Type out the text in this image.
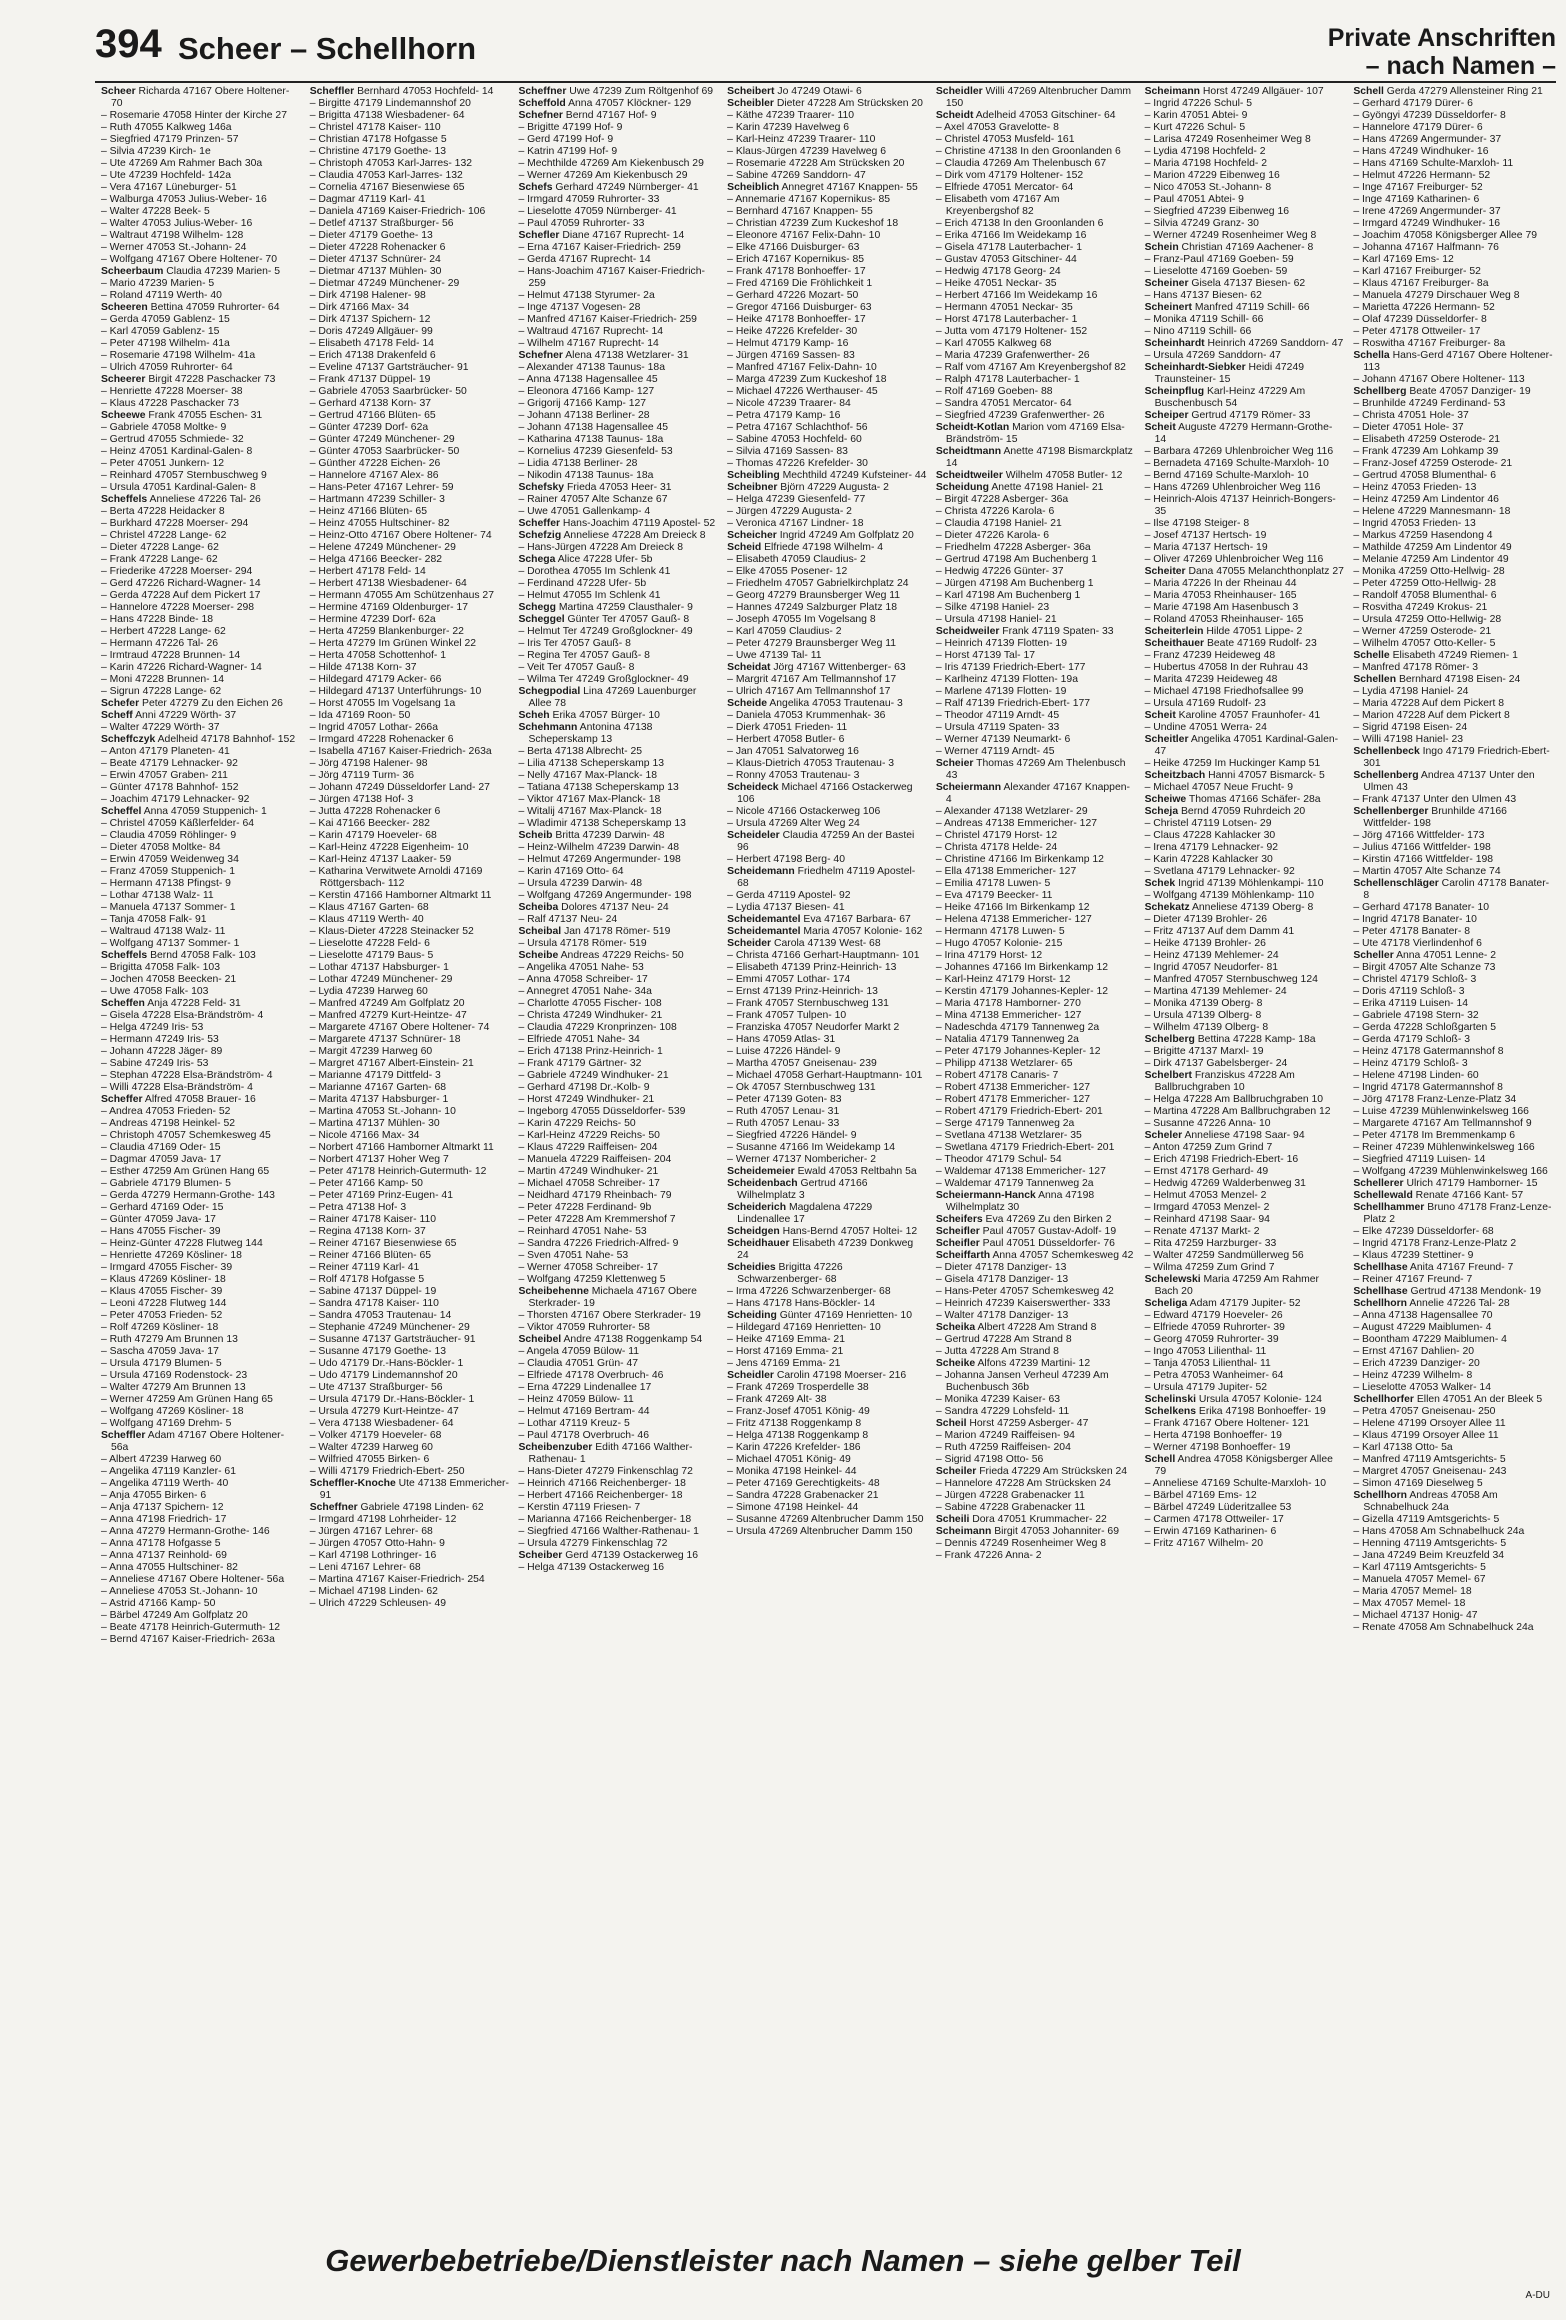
394 Scheer – Schellhorn	Private Anschriften
– nach Namen –
Scheer Richarda 47167 Obere Holtener- 70
– Rosemarie 47058 Hinter der Kirche 27
– Ruth 47055 Kalkweg 146a
– Siegfried 47179 Prinzen- 57
– Silvia 47239 Kirch- 1e
– Ute 47269 Am Rahmer Bach 30a
– Ute 47239 Hochfeld- 142a
– Vera 47167 Lüneburger- 51
– Walburga 47053 Julius-Weber- 16
– Walter 47228 Beek- 5
– Walter 47053 Julius-Weber- 16
– Waltraut 47198 Wilhelm- 128
– Werner 47053 St.-Johann- 24
– Wolfgang 47167 Obere Holtener- 70
Scheerbaum Claudia 47239 Marien- 5
– Mario 47239 Marien- 5
– Roland 47119 Werth- 40
Scheeren Bettina 47059 Ruhrorter- 64
– Gerda 47059 Gablenz- 15
– Karl 47059 Gablenz- 15
– Peter 47198 Wilhelm- 41a
– Rosemarie 47198 Wilhelm- 41a
– Ulrich 47059 Ruhrorter- 64
Scheerer Birgit 47228 Paschacker 73
– Henriette 47228 Moerser- 38
– Klaus 47228 Paschacker 73
Scheewe Frank 47055 Eschen- 31
– Gabriele 47058 Moltke- 9
– Gertrud 47055 Schmiede- 32
– Heinz 47051 Kardinal-Galen- 8
– Peter 47051 Junkern- 12
– Reinhard 47057 Sternbuschweg 9
– Ursula 47051 Kardinal-Galen- 8
Scheffels Anneliese 47226 Tal- 26
– Berta 47228 Heidacker 8
– Burkhard 47228 Moerser- 294
– Christel 47228 Lange- 62
– Dieter 47228 Lange- 62
– Frank 47228 Lange- 62
– Friederike 47228 Moerser- 294
– Gerd 47226 Richard-Wagner- 14
– Gerda 47228 Auf dem Pickert 17
– Hannelore 47228 Moerser- 298
– Hans 47228 Binde- 18
– Herbert 47228 Lange- 62
– Hermann 47226 Tal- 26
– Irmtraud 47228 Brunnen- 14
– Karin 47226 Richard-Wagner- 14
– Moni 47228 Brunnen- 14
– Sigrun 47228 Lange- 62
Schefer Peter 47279 Zu den Eichen 26
Scheff Anni 47229 Wörth- 37
– Walter 47229 Wörth- 37
Scheffczyk Adelheid 47178 Bahnhof- 152
– Anton 47179 Planeten- 41
– Beate 47179 Lehnacker- 92
– Erwin 47057 Graben- 211
– Günter 47178 Bahnhof- 152
– Joachim 47179 Lehnacker- 92
Scheffel Anna 47059 Stuppenich- 1
– Christel 47059 Käßlerfelder- 64
– Claudia 47059 Röhlinger- 9
– Dieter 47058 Moltke- 84
– Erwin 47059 Weidenweg 34
– Franz 47059 Stuppenich- 1
– Hermann 47138 Pfingst- 9
– Lothar 47138 Walz- 11
– Manuela 47137 Sommer- 1
– Tanja 47058 Falk- 91
– Waltraud 47138 Walz- 11
– Wolfgang 47137 Sommer- 1
Scheffels Bernd 47058 Falk- 103
– Brigitta 47058 Falk- 103
– Jochen 47058 Beecken- 21
– Uwe 47058 Falk- 103
Scheffen Anja 47228 Feld- 31
– Gisela 47228 Elsa-Brändström- 4
– Helga 47249 Iris- 53
– Hermann 47249 Iris- 53
– Johann 47228 Jäger- 89
– Sabine 47249 Iris- 53
– Stephan 47228 Elsa-Brändström- 4
– Willi 47228 Elsa-Brändström- 4
Scheffer Alfred 47058 Brauer- 16
– Andrea 47053 Frieden- 52
– Andreas 47198 Heinkel- 52
– Christoph 47057 Schemkesweg 45
– Claudia 47169 Oder- 15
– Dagmar 47059 Java- 17
– Esther 47259 Am Grünen Hang 65
– Gabriele 47179 Blumen- 5
– Gerda 47279 Hermann-Grothe- 143
– Gerhard 47169 Oder- 15
– Günter 47059 Java- 17
– Hans 47055 Fischer- 39
– Heinz-Günter 47228 Flutweg 144
– Henriette 47269 Kösliner- 18
– Irmgard 47055 Fischer- 39
– Klaus 47269 Kösliner- 18
– Klaus 47055 Fischer- 39
– Leoni 47228 Flutweg 144
– Peter 47053 Frieden- 52
– Rolf 47269 Kösliner- 18
– Ruth 47279 Am Brunnen 13
– Sascha 47059 Java- 17
– Ursula 47179 Blumen- 5
– Ursula 47169 Rodenstock- 23
– Walter 47279 Am Brunnen 13
– Werner 47259 Am Grünen Hang 65
– Wolfgang 47269 Kösliner- 18
– Wolfgang 47169 Drehm- 5
Scheffler Adam 47167 Obere Holtener- 56a
– Albert 47239 Harweg 60
– Angelika 47119 Kanzler- 61
– Angelika 47119 Werth- 40
– Anja 47055 Birken- 6
– Anja 47137 Spichern- 12
– Anna 47198 Friedrich- 17
– Anna 47279 Hermann-Grothe- 146
– Anna 47178 Hofgasse 5
– Anna 47137 Reinhold- 69
– Anna 47055 Hultschiner- 82
– Anneliese 47167 Obere Holtener- 56a
– Anneliese 47053 St.-Johann- 10
– Astrid 47166 Kamp- 50
– Bärbel 47249 Am Golfplatz 20
– Beate 47178 Heinrich-Gutermuth- 12
– Bernd 47167 Kaiser-Friedrich- 263a
Scheffler Bernhard 47053 Hochfeld- 14
– Birgitte 47179 Lindemannshof 20
– Brigitta 47138 Wiesbadener- 64
– Christel 47178 Kaiser- 110
– Christian 47178 Hofgasse 5
– Christine 47179 Goethe- 13
– Christoph 47053 Karl-Jarres- 132
– Claudia 47053 Karl-Jarres- 132
– Cornelia 47167 Biesenwiese 65
– Dagmar 47119 Karl- 41
– Daniela 47169 Kaiser-Friedrich- 106
– Detlef 47137 Straßburger- 56
– Dieter 47179 Goethe- 13
– Dieter 47228 Rohenacker 6
– Dieter 47137 Schnürer- 24
– Dietmar 47137 Mühlen- 30
– Dietmar 47249 Münchener- 29
– Dirk 47198 Halener- 98
– Dirk 47166 Max- 34
– Dirk 47137 Spichern- 12
– Doris 47249 Allgäuer- 99
– Elisabeth 47178 Feld- 14
– Erich 47138 Drakenfeld 6
– Eveline 47137 Gartsträucher- 91
– Frank 47137 Düppel- 19
– Gabriele 47053 Saarbrücker- 50
– Gerhard 47138 Korn- 37
– Gertrud 47166 Blüten- 65
– Günter 47239 Dorf- 62a
– Günter 47249 Münchener- 29
– Günter 47053 Saarbrücker- 50
– Günther 47228 Eichen- 26
– Hannelore 47167 Alex- 86
– Hans-Peter 47167 Lehrer- 59
– Hartmann 47239 Schiller- 3
– Heinz 47166 Blüten- 65
– Heinz 47055 Hultschiner- 82
– Heinz-Otto 47167 Obere Holtener- 74
– Helene 47249 Münchener- 29
– Helga 47166 Beecker- 282
– Herbert 47178 Feld- 14
– Herbert 47138 Wiesbadener- 64
– Hermann 47055 Am Schützenhaus 27
– Hermine 47169 Oldenburger- 17
– Hermine 47239 Dorf- 62a
– Herta 47259 Blankenburger- 22
– Herta 47279 Im Grünen Winkel 22
– Herta 47058 Schottenhof- 1
– Hilde 47138 Korn- 37
– Hildegard 47179 Acker- 66
– Hildegard 47137 Unterführungs- 10
– Horst 47055 Im Vogelsang 1a
– Ida 47169 Roon- 50
– Ingrid 47057 Lothar- 266a
– Irmgard 47228 Rohenacker 6
– Isabella 47167 Kaiser-Friedrich- 263a
– Jörg 47198 Halener- 98
– Jörg 47119 Turm- 36
– Johann 47249 Düsseldorfer Land- 27
– Jürgen 47138 Hof- 3
– Jutta 47228 Rohenacker 6
– Kai 47166 Beecker- 282
– Karin 47179 Hoeveler- 68
– Karl-Heinz 47228 Eigenheim- 10
– Karl-Heinz 47137 Laaker- 59
– Katharina Verwitwete Arnoldi 47169 Röttgersbach- 112
– Kerstin 47166 Hamborner Altmarkt 11
– Klaus 47167 Garten- 68
– Klaus 47119 Werth- 40
– Klaus-Dieter 47228 Steinacker 52
– Lieselotte 47228 Feld- 6
– Lieselotte 47179 Baus- 5
– Lothar 47137 Habsburger- 1
– Lothar 47249 Münchener- 29
– Lydia 47239 Harweg 60
– Manfred 47249 Am Golfplatz 20
– Manfred 47279 Kurt-Heintze- 47
– Margarete 47167 Obere Holtener- 74
– Margarete 47137 Schnürer- 18
– Margit 47239 Harweg 60
– Margret 47167 Albert-Einstein- 21
– Marianne 47179 Dittfeld- 3
– Marianne 47167 Garten- 68
– Marita 47137 Habsburger- 1
– Martina 47053 St.-Johann- 10
– Martina 47137 Mühlen- 30
– Nicole 47166 Max- 34
– Norbert 47166 Hamborner Altmarkt 11
– Norbert 47137 Hoher Weg 7
– Peter 47178 Heinrich-Gutermuth- 12
– Peter 47166 Kamp- 50
– Peter 47169 Prinz-Eugen- 41
– Petra 47138 Hof- 3
– Rainer 47178 Kaiser- 110
– Regina 47138 Korn- 37
– Reiner 47167 Biesenwiese 65
– Reiner 47166 Blüten- 65
– Reiner 47119 Karl- 41
– Rolf 47178 Hofgasse 5
– Sabine 47137 Düppel- 19
– Sandra 47178 Kaiser- 110
– Sandra 47053 Trautenau- 14
– Stephanie 47249 Münchener- 29
– Susanne 47137 Gartsträucher- 91
– Susanne 47179 Goethe- 13
– Udo 47179 Dr.-Hans-Böckler- 1
– Udo 47179 Lindemannshof 20
– Ute 47137 Straßburger- 56
– Ursula 47179 Dr.-Hans-Böckler- 1
– Ursula 47279 Kurt-Heintze- 47
– Vera 47138 Wiesbadener- 64
– Volker 47179 Hoeveler- 68
– Walter 47239 Harweg 60
– Wilfried 47055 Birken- 6
– Willi 47179 Friedrich-Ebert- 250
Scheffler-Knoche Ute 47138 Emmericher- 91
Scheffner Gabriele 47198 Linden- 62
– Irmgard 47198 Lohrheider- 12
– Jürgen 47167 Lehrer- 68
– Jürgen 47057 Otto-Hahn- 9
– Karl 47198 Lothringer- 16
– Leni 47167 Lehrer- 68
– Martina 47167 Kaiser-Friedrich- 254
– Michael 47198 Linden- 62
– Ulrich 47229 Schleusen- 49
Scheffner Uwe 47239 Zum Röltgenhof 69
Scheffold Anna 47057 Klöckner- 129
Schefner Bernd 47167 Hof- 9
– Brigitte 47199 Hof- 9
– Gerd 47199 Hof- 9
– Katrin 47199 Hof- 9
– Mechthilde 47269 Am Kiekenbusch 29
– Werner 47269 Am Kiekenbusch 29
Schefs Gerhard 47249 Nürnberger- 41
– Irmgard 47059 Ruhrorter- 33
– Lieselotte 47059 Nürnberger- 41
– Paul 47059 Ruhrorter- 33
Schefler Diane 47167 Ruprecht- 14
– Erna 47167 Kaiser-Friedrich- 259
– Gerda 47167 Ruprecht- 14
– Hans-Joachim 47167 Kaiser-Friedrich- 259
– Helmut 47138 Styrumer- 2a
– Inge 47137 Vogesen- 28
– Manfred 47167 Kaiser-Friedrich- 259
– Waltraud 47167 Ruprecht- 14
– Wilhelm 47167 Ruprecht- 14
Schefner Alena 47138 Wetzlarer- 31
– Alexander 47138 Taunus- 18a
– Anna 47138 Hagensallee 45
– Eleonora 47166 Kamp- 127
– Grigorij 47166 Kamp- 127
– Johann 47138 Berliner- 28
– Johann 47138 Hagensallee 45
– Katharina 47138 Taunus- 18a
– Kornelius 47239 Giesenfeld- 53
– Lidia 47138 Berliner- 28
– Nikodin 47138 Taunus- 18a
Schefsky Frieda 47053 Heer- 31
– Rainer 47057 Alte Schanze 67
– Uwe 47051 Gallenkamp- 4
Scheffer Hans-Joachim 47119 Apostel- 52
Schefzig Anneliese 47228 Am Dreieck 8
– Hans-Jürgen 47228 Am Dreieck 8
Schega Alice 47228 Ufer- 5b
– Dorothea 47055 Im Schlenk 41
– Ferdinand 47228 Ufer- 5b
– Helmut 47055 Im Schlenk 41
Schegg Martina 47259 Clausthaler- 9
Scheggel Günter Ter 47057 Gauß- 8
– Helmut Ter 47249 Großglockner- 49
– Iris Ter 47057 Gauß- 8
– Regina Ter 47057 Gauß- 8
– Veit Ter 47057 Gauß- 8
– Wilma Ter 47249 Großglockner- 49
Schegpodial Lina 47269 Lauenburger Allee 78
Scheh Erika 47057 Bürger- 10
Schehmann Antonina 47138 Scheperskamp 13
– Berta 47138 Albrecht- 25
– Lilia 47138 Scheperskamp 13
– Nelly 47167 Max-Planck- 18
– Tatiana 47138 Scheperskamp 13
– Viktor 47167 Max-Planck- 18
– Witalij 47167 Max-Planck- 18
– Wladimir 47138 Scheperskamp 13
Scheib Britta 47239 Darwin- 48
– Heinz-Wilhelm 47239 Darwin- 48
– Helmut 47269 Angermunder- 198
– Karin 47169 Otto- 64
– Ursula 47239 Darwin- 48
– Wolfgang 47269 Angermunder- 198
Scheiba Dolores 47137 Neu- 24
– Ralf 47137 Neu- 24
Scheibal Jan 47178 Römer- 519
– Ursula 47178 Römer- 519
Scheibe Andreas 47229 Reichs- 50
– Angelika 47051 Nahe- 53
– Anna 47058 Schreiber- 17
– Annegret 47051 Nahe- 34a
– Charlotte 47055 Fischer- 108
– Christa 47249 Windhuker- 21
– Claudia 47229 Kronprinzen- 108
– Elfriede 47051 Nahe- 34
– Erich 47138 Prinz-Heinrich- 1
– Frank 47179 Gärtner- 32
– Gabriele 47249 Windhuker- 21
– Gerhard 47198 Dr.-Kolb- 9
– Horst 47249 Windhuker- 21
– Ingeborg 47055 Düsseldorfer- 539
– Karin 47229 Reichs- 50
– Karl-Heinz 47229 Reichs- 50
– Klaus 47229 Raiffeisen- 204
– Manuela 47229 Raiffeisen- 204
– Martin 47249 Windhuker- 21
– Michael 47058 Schreiber- 17
– Neidhard 47179 Rheinbach- 79
– Peter 47228 Ferdinand- 9b
– Peter 47228 Am Kremmershof 7
– Reinhard 47051 Nahe- 53
– Sandra 47226 Friedrich-Alfred- 9
– Sven 47051 Nahe- 53
– Werner 47058 Schreiber- 17
– Wolfgang 47259 Klettenweg 5
Scheibehenne Michaela 47167 Obere Sterkrader- 19
– Thorsten 47167 Obere Sterkrader- 19
– Viktor 47059 Ruhrorter- 58
Scheibel Andre 47138 Roggenkamp 54
– Angela 47059 Bülow- 11
– Claudia 47051 Grün- 47
– Elfriede 47178 Overbruch- 46
– Erna 47229 Lindenallee 17
– Heinz 47059 Bülow- 11
– Helmut 47169 Bertram- 44
– Lothar 47119 Kreuz- 5
– Paul 47178 Overbruch- 46
Scheibenzuber Edith 47166 Walther-Rathenau- 1
– Hans-Dieter 47279 Finkenschlag 72
– Heinrich 47166 Reichenberger- 18
– Herbert 47166 Reichenberger- 18
– Kerstin 47119 Friesen- 7
– Marianna 47166 Reichenberger- 18
– Siegfried 47166 Walther-Rathenau- 1
– Ursula 47279 Finkenschlag 72
Scheiber Gerd 47139 Ostackerweg 16
– Helga 47139 Ostackerweg 16
Scheibert Jo 47249 Otawi- 6
Scheibler Dieter 47228 Am Strücksken 20
– Käthe 47239 Traarer- 110
– Karin 47239 Havelweg 6
– Karl-Heinz 47239 Traarer- 110
– Klaus-Jürgen 47239 Havelweg 6
– Rosemarie 47228 Am Strücksken 20
– Sabine 47269 Sanddorn- 47
Scheiblich Annegret 47167 Knappen- 55
– Annemarie 47167 Kopernikus- 85
– Bernhard 47167 Knappen- 55
– Christian 47239 Zum Kuckeshof 18
– Eleonore 47167 Felix-Dahn- 10
– Elke 47166 Duisburger- 63
– Erich 47167 Kopernikus- 85
– Frank 47178 Bonhoeffer- 17
– Fred 47169 Die Fröhlichkeit 1
– Gerhard 47226 Mozart- 50
– Gregor 47166 Duisburger- 63
– Heike 47178 Bonhoeffer- 17
– Heike 47226 Krefelder- 30
– Helmut 47179 Kamp- 16
– Jürgen 47169 Sassen- 83
– Manfred 47167 Felix-Dahn- 10
– Marga 47239 Zum Kuckeshof 18
– Michael 47226 Werthauser- 45
– Nicole 47239 Traarer- 84
– Petra 47179 Kamp- 16
– Petra 47167 Schlachthof- 56
– Sabine 47053 Hochfeld- 60
– Silvia 47169 Sassen- 83
– Thomas 47226 Krefelder- 30
Scheibling Mechthild 47249 Kufsteiner- 44
Scheibner Björn 47229 Augusta- 2
– Helga 47239 Giesenfeld- 77
– Jürgen 47229 Augusta- 2
– Veronica 47167 Lindner- 18
Scheicher Ingrid 47249 Am Golfplatz 20
Scheid Elfriede 47198 Wilhelm- 4
– Elisabeth 47059 Claudius- 2
– Elke 47055 Posener- 12
– Friedhelm 47057 Gabrielkirchplatz 24
– Georg 47279 Braunsberger Weg 11
– Hannes 47249 Salzburger Platz 18
– Joseph 47055 Im Vogelsang 8
– Karl 47059 Claudius- 2
– Peter 47279 Braunsberger Weg 11
– Uwe 47139 Tal- 11
Scheidat Jörg 47167 Wittenberger- 63
– Margrit 47167 Am Tellmannshof 17
– Ulrich 47167 Am Tellmannshof 17
Scheide Angelika 47053 Trautenau- 3
– Daniela 47053 Krummenhak- 36
– Dierk 47051 Frieden- 11
– Herbert 47058 Butler- 6
– Jan 47051 Salvatorweg 16
– Klaus-Dietrich 47053 Trautenau- 3
– Ronny 47053 Trautenau- 3
Scheideck Michael 47166 Ostackerweg 106
– Nicole 47166 Ostackerweg 106
– Ursula 47269 Alter Weg 24
Scheideler Claudia 47259 An der Bastei 96
– Herbert 47198 Berg- 40
Scheidemann Friedhelm 47119 Apostel- 68
– Gerda 47119 Apostel- 92
– Lydia 47137 Biesen- 41
Scheidemantel Eva 47167 Barbara- 67
Scheidemantel Maria 47057 Kolonie- 162
Scheider Carola 47139 West- 68
– Christa 47166 Gerhart-Hauptmann- 101
– Elisabeth 47139 Prinz-Heinrich- 13
– Emmi 47057 Lothar- 174
– Ernst 47139 Prinz-Heinrich- 13
– Frank 47057 Sternbuschweg 131
– Frank 47057 Tulpen- 10
– Franziska 47057 Neudorfer Markt 2
– Hans 47059 Atlas- 31
– Luise 47226 Händel- 9
– Martha 47057 Gneisenau- 239
– Michael 47058 Gerhart-Hauptmann- 101
– Ok 47057 Sternbuschweg 131
– Peter 47139 Goten- 83
– Ruth 47057 Lenau- 31
– Ruth 47057 Lenau- 33
– Siegfried 47226 Händel- 9
– Susanne 47166 Im Weidekamp 14
– Werner 47137 Nombericher- 2
Scheidemeier Ewald 47053 Reltbahn 5a
Scheidenbach Gertrud 47166 Wilhelmplatz 3
Scheiderich Magdalena 47229 Lindenallee 17
Scheidgen Hans-Bernd 47057 Holtei- 12
Scheidhauer Elisabeth 47239 Donkweg 24
Scheidies Brigitta 47226 Schwarzenberger- 68
– Irma 47226 Schwarzenberger- 68
– Hans 47178 Hans-Böckler- 14
Scheiding Günter 47169 Henrietten- 10
– Hildegard 47169 Henrietten- 10
– Heike 47169 Emma- 21
– Horst 47169 Emma- 21
– Jens 47169 Emma- 21
Scheidler Carolin 47198 Moerser- 216
– Frank 47269 Trosperdelle 38
– Frank 47269 Alt- 38
– Franz-Josef 47051 König- 49
– Fritz 47138 Roggenkamp 8
– Helga 47138 Roggenkamp 8
– Karin 47226 Krefelder- 186
– Michael 47051 König- 49
– Monika 47198 Heinkel- 44
– Peter 47169 Gerechtigkeits- 48
– Sandra 47228 Grabenacker 21
– Simone 47198 Heinkel- 44
– Susanne 47269 Altenbrucher Damm 150
– Ursula 47269 Altenbrucher Damm 150
Scheidler Willi 47269 Altenbrucher Damm 150
Scheidt Adelheid 47053 Gitschiner- 64
– Axel 47053 Gravelotte- 8
– Christel 47053 Musfeld- 161
– Christine 47138 In den Groonlanden 6
– Claudia 47269 Am Thelenbusch 67
– Dirk vom 47179 Holtener- 152
– Elfriede 47051 Mercator- 64
– Elisabeth vom 47167 Am Kreyenbergshof 82
– Erich 47138 In den Groonlanden 6
– Erika 47166 Im Weidekamp 16
– Gisela 47178 Lauterbacher- 1
– Gustav 47053 Gitschiner- 44
– Hedwig 47178 Georg- 24
– Heike 47051 Neckar- 35
– Herbert 47166 Im Weidekamp 16
– Hermann 47051 Neckar- 35
– Horst 47178 Lauterbacher- 1
– Jutta vom 47179 Holtener- 152
– Karl 47055 Kalkweg 68
– Maria 47239 Grafenwerther- 26
– Ralf vom 47167 Am Kreyenbergshof 82
– Ralph 47178 Lauterbacher- 1
– Rolf 47169 Goeben- 88
– Sandra 47051 Mercator- 64
– Siegfried 47239 Grafenwerther- 26
Scheidt-Kotlan Marion vom 47169 Elsa-Brändström- 15
Scheidtmann Anette 47198 Bismarckplatz 14
Scheidtweiler Wilhelm 47058 Butler- 12
Scheidung Anette 47198 Haniel- 21
– Birgit 47228 Asberger- 36a
– Christa 47226 Karola- 6
– Claudia 47198 Haniel- 21
– Dieter 47226 Karola- 6
– Friedhelm 47228 Asberger- 36a
– Gertrud 47198 Am Buchenberg 1
– Hedwig 47226 Günter- 37
– Jürgen 47198 Am Buchenberg 1
– Karl 47198 Am Buchenberg 1
– Silke 47198 Haniel- 23
– Ursula 47198 Haniel- 21
Scheidweiler Frank 47119 Spaten- 33
– Heinrich 47139 Flotten- 19
– Horst 47139 Tal- 17
– Iris 47139 Friedrich-Ebert- 177
– Karlheinz 47139 Flotten- 19a
– Marlene 47139 Flotten- 19
– Ralf 47139 Friedrich-Ebert- 177
– Theodor 47119 Arndt- 45
– Ursula 47119 Spaten- 33
– Werner 47139 Neumarkt- 6
– Werner 47119 Arndt- 45
Scheier Thomas 47269 Am Thelenbusch 43
Scheiermann Alexander 47167 Knappen- 4
– Alexander 47138 Wetzlarer- 29
– Andreas 47138 Emmericher- 127
– Christel 47179 Horst- 12
– Christa 47178 Helde- 24
– Christine 47166 Im Birkenkamp 12
– Ella 47138 Emmericher- 127
– Emilia 47178 Luwen- 5
– Eva 47179 Beecker- 11
– Heike 47166 Im Birkenkamp 12
– Helena 47138 Emmericher- 127
– Hermann 47178 Luwen- 5
– Hugo 47057 Kolonie- 215
– Irina 47179 Horst- 12
– Johannes 47166 Im Birkenkamp 12
– Karl-Heinz 47179 Horst- 12
– Kerstin 47179 Johannes-Kepler- 12
– Maria 47178 Hamborner- 270
– Mina 47138 Emmericher- 127
– Nadeschda 47179 Tannenweg 2a
– Natalia 47179 Tannenweg 2a
– Peter 47179 Johannes-Kepler- 12
– Philipp 47138 Wetzlarer- 65
– Robert 47178 Canaris- 7
– Robert 47138 Emmericher- 127
– Robert 47178 Emmericher- 127
– Robert 47179 Friedrich-Ebert- 201
– Serge 47179 Tannenweg 2a
– Svetlana 47138 Wetzlarer- 35
– Swetlana 47179 Friedrich-Ebert- 201
– Theodor 47179 Schul- 54
– Waldemar 47138 Emmericher- 127
– Waldemar 47179 Tannenweg 2a
Scheiermann-Hanck Anna 47198 Wilhelmplatz 30
Scheifers Eva 47269 Zu den Birken 2
Scheifler Paul 47057 Gustav-Adolf- 19
Scheifler Paul 47051 Düsseldorfer- 76
Scheiffarth Anna 47057 Schemkesweg 42
– Dieter 47178 Danziger- 13
– Gisela 47178 Danziger- 13
– Hans-Peter 47057 Schemkesweg 42
– Heinrich 47239 Kaiserswerther- 333
– Walter 47178 Danziger- 13
Scheika Albert 47228 Am Strand 8
– Gertrud 47228 Am Strand 8
– Jutta 47228 Am Strand 8
Scheike Alfons 47239 Martini- 12
– Johanna Jansen Verheul 47239 Am Buchenbusch 36b
– Monika 47239 Kaiser- 63
– Sandra 47229 Lohsfeld- 11
Scheil Horst 47259 Asberger- 47
– Marion 47249 Raiffeisen- 94
– Ruth 47259 Raiffeisen- 204
– Sigrid 47198 Otto- 56
Scheiler Frieda 47229 Am Strücksken 24
– Hannelore 47228 Am Strücksken 24
– Jürgen 47228 Grabenacker 11
– Sabine 47228 Grabenacker 11
Scheili Dora 47051 Krummacher- 22
Scheimann Birgit 47053 Johanniter- 69
– Dennis 47249 Rosenheimer Weg 8
– Frank 47226 Anna- 2
Scheimann Horst 47249 Allgäuer- 107
– Ingrid 47226 Schul- 5
– Karin 47051 Abtei- 9
– Kurt 47226 Schul- 5
– Larisa 47249 Rosenheimer Weg 8
– Lydia 47198 Hochfeld- 2
– Maria 47198 Hochfeld- 2
– Marion 47229 Eibenweg 16
– Nico 47053 St.-Johann- 8
– Paul 47051 Abtei- 9
– Siegfried 47239 Eibenweg 16
– Silvia 47249 Granz- 30
– Werner 47249 Rosenheimer Weg 8
Schein Christian 47169 Aachener- 8
– Franz-Paul 47169 Goeben- 59
– Lieselotte 47169 Goeben- 59
Scheiner Gisela 47137 Biesen- 62
– Hans 47137 Biesen- 62
Scheinert Manfred 47119 Schill- 66
– Monika 47119 Schill- 66
– Nino 47119 Schill- 66
Scheinhardt Heinrich 47269 Sanddorn- 47
– Ursula 47269 Sanddorn- 47
Scheinhardt-Siebker Heidi 47249 Traunsteiner- 15
Scheinpflug Karl-Heinz 47229 Am Buschenbusch 54
Scheiper Gertrud 47179 Römer- 33
Scheit Auguste 47279 Hermann-Grothe- 14
– Barbara 47269 Uhlenbroicher Weg 116
– Bernadeta 47169 Schulte-Marxloh- 10
– Bernd 47169 Schulte-Marxloh- 10
– Hans 47269 Uhlenbroicher Weg 116
– Heinrich-Alois 47137 Heinrich-Bongers- 35
– Ilse 47198 Steiger- 8
– Josef 47137 Hertsch- 19
– Maria 47137 Hertsch- 19
– Oliver 47269 Uhlenbroicher Weg 116
Scheiter Dana 47055 Melanchthonplatz 27
– Maria 47226 In der Rheinau 44
– Maria 47053 Rheinhauser- 165
– Marie 47198 Am Hasenbusch 3
– Roland 47053 Rheinhauser- 165
Scheiterlein Hilde 47051 Lippe- 2
Scheithauer Beate 47169 Rudolf- 23
– Franz 47239 Heideweg 48
– Hubertus 47058 In der Ruhrau 43
– Marita 47239 Heideweg 48
– Michael 47198 Friedhofsallee 99
– Ursula 47169 Rudolf- 23
Scheit Karoline 47057 Fraunhofer- 41
– Undine 47051 Werra- 24
Scheitler Angelika 47051 Kardinal-Galen- 47
– Heike 47259 Im Huckinger Kamp 51
Scheitzbach Hanni 47057 Bismarck- 5
– Michael 47057 Neue Frucht- 9
Scheiwe Thomas 47166 Schäfer- 28a
Scheja Bernd 47059 Ruhrdeich 20
– Christel 47119 Lotsen- 29
– Claus 47228 Kahlacker 30
– Irena 47179 Lehnacker- 92
– Karin 47228 Kahlacker 30
– Svetlana 47179 Lehnacker- 92
Schek Ingrid 47139 Möhlenkampi- 110
– Wolfgang 47139 Möhlenkamp- 110
Schekatz Anneliese 47139 Oberg- 8
– Dieter 47139 Brohler- 26
– Fritz 47137 Auf dem Damm 41
– Heike 47139 Brohler- 26
– Heinz 47139 Mehlemer- 24
– Ingrid 47057 Neudorfer- 81
– Manfred 47057 Sternbuschweg 124
– Martina 47139 Mehlemer- 24
– Monika 47139 Oberg- 8
– Ursula 47139 Olberg- 8
– Wilhelm 47139 Olberg- 8
Schelberg Bettina 47228 Kamp- 18a
– Brigitte 47137 Marxl- 19
– Dirk 47137 Gabelsberger- 24
Schelbert Franziskus 47228 Am Ballbruchgraben 10
– Helga 47228 Am Ballbruchgraben 10
– Martina 47228 Am Ballbruchgraben 12
– Susanne 47226 Anna- 10
Scheler Anneliese 47198 Saar- 94
– Anton 47259 Zum Grind 7
– Erich 47198 Friedrich-Ebert- 16
– Ernst 47178 Gerhard- 49
– Hedwig 47269 Walderbenweg 31
– Helmut 47053 Menzel- 2
– Irmgard 47053 Menzel- 2
– Reinhard 47198 Saar- 94
– Renate 47137 Markt- 2
– Rita 47259 Harzburger- 33
– Walter 47259 Sandmüllerweg 56
– Wilma 47259 Zum Grind 7
Schelewski Maria 47259 Am Rahmer Bach 20
Scheliga Adam 47179 Jupiter- 52
– Edward 47179 Hoeveler- 26
– Elfriede 47059 Ruhrorter- 39
– Georg 47059 Ruhrorter- 39
– Ingo 47053 Lilienthal- 11
– Tanja 47053 Lilienthal- 11
– Petra 47053 Wanheimer- 64
– Ursula 47179 Jupiter- 52
Schelinski Ursula 47057 Kolonie- 124
Schelkens Erika 47198 Bonhoeffer- 19
– Frank 47167 Obere Holtener- 121
– Herta 47198 Bonhoeffer- 19
– Werner 47198 Bonhoeffer- 19
Schell Andrea 47058 Königsberger Allee 79
– Anneliese 47169 Schulte-Marxloh- 10
– Bärbel 47169 Ems- 12
– Bärbel 47249 Lüderitzallee 53
– Carmen 47178 Ottweiler- 17
– Erwin 47169 Katharinen- 6
– Fritz 47167 Wilhelm- 20
Schell Gerda 47279 Allensteiner Ring 21
– Gerhard 47179 Dürer- 6
– Gyöngyi 47239 Düsseldorfer- 8
– Hannelore 47179 Dürer- 6
– Hans 47269 Angermunder- 37
– Hans 47249 Windhuker- 16
– Hans 47169 Schulte-Marxloh- 11
– Helmut 47226 Hermann- 52
– Inge 47167 Freiburger- 52
– Inge 47169 Katharinen- 6
– Irene 47269 Angermunder- 37
– Irmgard 47249 Windhuker- 16
– Joachim 47058 Königsberger Allee 79
– Johanna 47167 Halfmann- 76
– Karl 47169 Ems- 12
– Karl 47167 Freiburger- 52
– Klaus 47167 Freiburger- 8a
– Manuela 47279 Dirschauer Weg 8
– Marietta 47226 Hermann- 52
– Olaf 47239 Düsseldorfer- 8
– Peter 47178 Ottweiler- 17
– Roswitha 47167 Freiburger- 8a
Schella Hans-Gerd 47167 Obere Holtener- 113
– Johann 47167 Obere Holtener- 113
Schellberg Beate 47057 Danziger- 19
– Brunhilde 47249 Ferdinand- 53
– Christa 47051 Hole- 37
– Dieter 47051 Hole- 37
– Elisabeth 47259 Osterode- 21
– Frank 47239 Am Lohkamp 39
– Franz-Josef 47259 Osterode- 21
– Gertrud 47058 Blumenthal- 6
– Heinz 47053 Frieden- 13
– Heinz 47259 Am Lindentor 46
– Helene 47229 Mannesmann- 18
– Ingrid 47053 Frieden- 13
– Markus 47259 Hasendong 4
– Mathilde 47259 Am Lindentor 49
– Melanie 47259 Am Lindentor 49
– Monika 47259 Otto-Hellwig- 28
– Peter 47259 Otto-Hellwig- 28
– Randolf 47058 Blumenthal- 6
– Rosvitha 47249 Krokus- 21
– Ursula 47259 Otto-Hellwig- 28
– Werner 47259 Osterode- 21
– Wilhelm 47057 Otto-Keller- 5
Schelle Elisabeth 47249 Riemen- 1
– Manfred 47178 Römer- 3
Schellen Bernhard 47198 Eisen- 24
– Lydia 47198 Haniel- 24
– Maria 47228 Auf dem Pickert 8
– Marion 47228 Auf dem Pickert 8
– Sigrid 47198 Eisen- 24
– Willi 47198 Haniel- 23
Schellenbeck Ingo 47179 Friedrich-Ebert- 301
Schellenberg Andrea 47137 Unter den Ulmen 43
– Frank 47137 Unter den Ulmen 43
Schellenberger Brunhilde 47166 Wittfelder- 198
– Jörg 47166 Wittfelder- 173
– Julius 47166 Wittfelder- 198
– Kirstin 47166 Wittfelder- 198
– Martin 47057 Alte Schanze 74
Schellenschläger Carolin 47178 Banater- 8
– Gerhard 47178 Banater- 10
– Ingrid 47178 Banater- 10
– Peter 47178 Banater- 8
– Ute 47178 Vierlindenhof 6
Scheller Anna 47051 Lenne- 2
– Birgit 47057 Alte Schanze 73
– Christel 47179 Schloß- 3
– Doris 47119 Schloß- 3
– Erika 47119 Luisen- 14
– Gabriele 47198 Stern- 32
– Gerda 47228 Schloßgarten 5
– Gerda 47179 Schloß- 3
– Heinz 47178 Gatermannshof 8
– Heinz 47179 Schloß- 3
– Helene 47198 Linden- 60
– Ingrid 47178 Gatermannshof 8
– Jörg 47178 Franz-Lenze-Platz 34
– Luise 47239 Mühlenwinkelsweg 166
– Margarete 47167 Am Tellmannshof 9
– Peter 47178 Im Bremmenkamp 6
– Reiner 47239 Mühlenwinkelsweg 166
– Siegfried 47119 Luisen- 14
– Wolfgang 47239 Mühlenwinkelsweg 166
Schellerer Ulrich 47179 Hamborner- 15
Schellewald Renate 47166 Kant- 57
Schellhammer Bruno 47178 Franz-Lenze-Platz 2
– Elke 47239 Düsseldorfer- 68
– Ingrid 47178 Franz-Lenze-Platz 2
– Klaus 47239 Stettiner- 9
Schellhase Anita 47167 Freund- 7
– Reiner 47167 Freund- 7
Schellhase Gertrud 47138 Mendonk- 19
Schellhorn Annelie 47226 Tal- 28
– Anna 47138 Hagensallee 70
– August 47229 Maiblumen- 4
– Boontham 47229 Maiblumen- 4
– Ernst 47167 Dahlien- 20
– Erich 47239 Danziger- 20
– Heinz 47239 Wilhelm- 8
– Lieselotte 47053 Walker- 14
Schellhorfer Ellen 47051 An der Bleek 5
– Petra 47057 Gneisenau- 250
– Helene 47199 Orsoyer Allee 11
– Klaus 47199 Orsoyer Allee 11
– Karl 47138 Otto- 5a
– Manfred 47119 Amtsgerichts- 5
– Margret 47057 Gneisenau- 243
– Simon 47169 Dieselweg 5
Schellhorn Andreas 47058 Am Schnabelhuck 24a
– Gizella 47119 Amtsgerichts- 5
– Hans 47058 Am Schnabelhuck 24a
– Henning 47119 Amtsgerichts- 5
– Jana 47249 Beim Kreuzfeld 34
– Karl 47119 Amtsgerichts- 5
– Manuela 47057 Memel- 67
– Maria 47057 Memel- 18
– Max 47057 Memel- 18
– Michael 47137 Honig- 47
– Renate 47058 Am Schnabelhuck 24a
Gewerbebetriebe/Dienstleister nach Namen – siehe gelber Teil
A-DU
